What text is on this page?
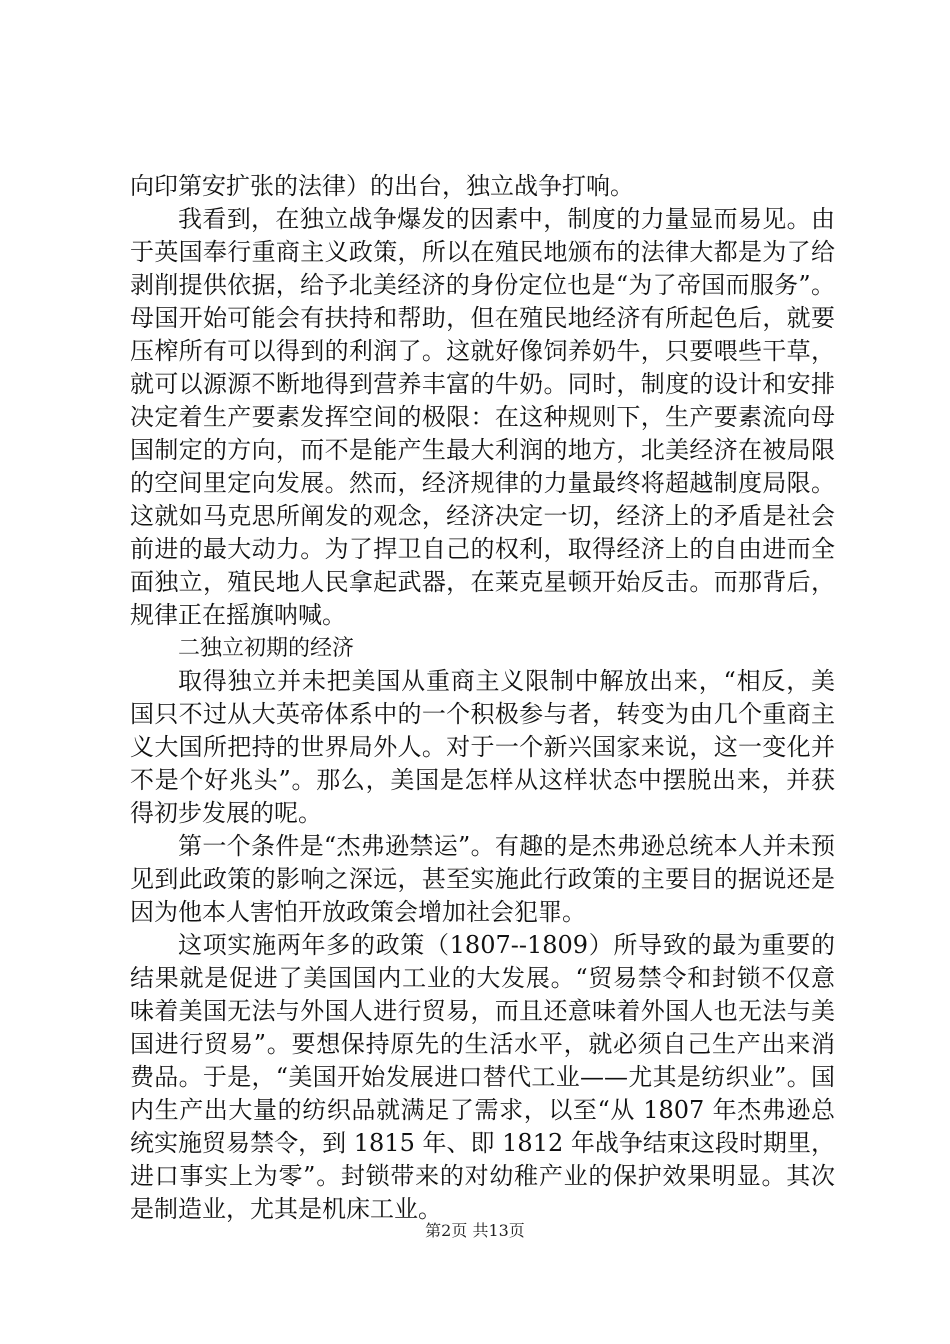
向印第安扩张的法律）的出台，独立战争打响。

我看到，在独立战争爆发的因素中，制度的力量显而易见。由于英国奉行重商主义政策，所以在殖民地颁布的法律大都是为了给剥削提供依据，给予北美经济的身份定位也是“为了帝国而服务”。母国开始可能会有扶持和帮助，但在殖民地经济有所起色后，就要压榨所有可以得到的利润了。这就好像饲养奶牛，只要喂些干草，就可以源源不断地得到营养丰富的牛奶。同时，制度的设计和安排决定着生产要素发挥空间的极限：在这种规则下，生产要素流向母国制定的方向，而不是能产生最大利润的地方，北美经济在被局限的空间里定向发展。然而，经济规律的力量最终将超越制度局限。这就如马克思所阐发的观念，经济决定一切，经济上的矛盾是社会前进的最大动力。为了捍卫自己的权利，取得经济上的自由进而全面独立，殖民地人民拿起武器，在莱克星顿开始反击。而那背后，规律正在摇旗呐喊。

二独立初期的经济

取得独立并未把美国从重商主义限制中解放出来，“相反，美国只不过从大英帝体系中的一个积极参与者，转变为由几个重商主义大国所把持的世界局外人。对于一个新兴国家来说，这一变化并不是个好兆头”。那么，美国是怎样从这样状态中摆脱出来，并获得初步发展的呢。

第一个条件是“杰弗逊禁运”。有趣的是杰弗逊总统本人并未预见到此政策的影响之深远，甚至实施此行政策的主要目的据说还是因为他本人害怕开放政策会增加社会犯罪。

这项实施两年多的政策（1807--1809）所导致的最为重要的结果就是促进了美国国内工业的大发展。“贸易禁令和封锁不仅意味着美国无法与外国人进行贸易，而且还意味着外国人也无法与美国进行贸易”。要想保持原先的生活水平，就必须自己生产出来消费品。于是，“美国开始发展进口替代工业——尤其是纺织业”。国内生产出大量的纺织品就满足了需求，以至“从 1807 年杰弗逊总统实施贸易禁令，到 1815 年、即 1812 年战争结束这段时期里，进口事实上为零”。封锁带来的对幼稚产业的保护效果明显。其次是制造业，尤其是机床工业。

第2页 共13页
